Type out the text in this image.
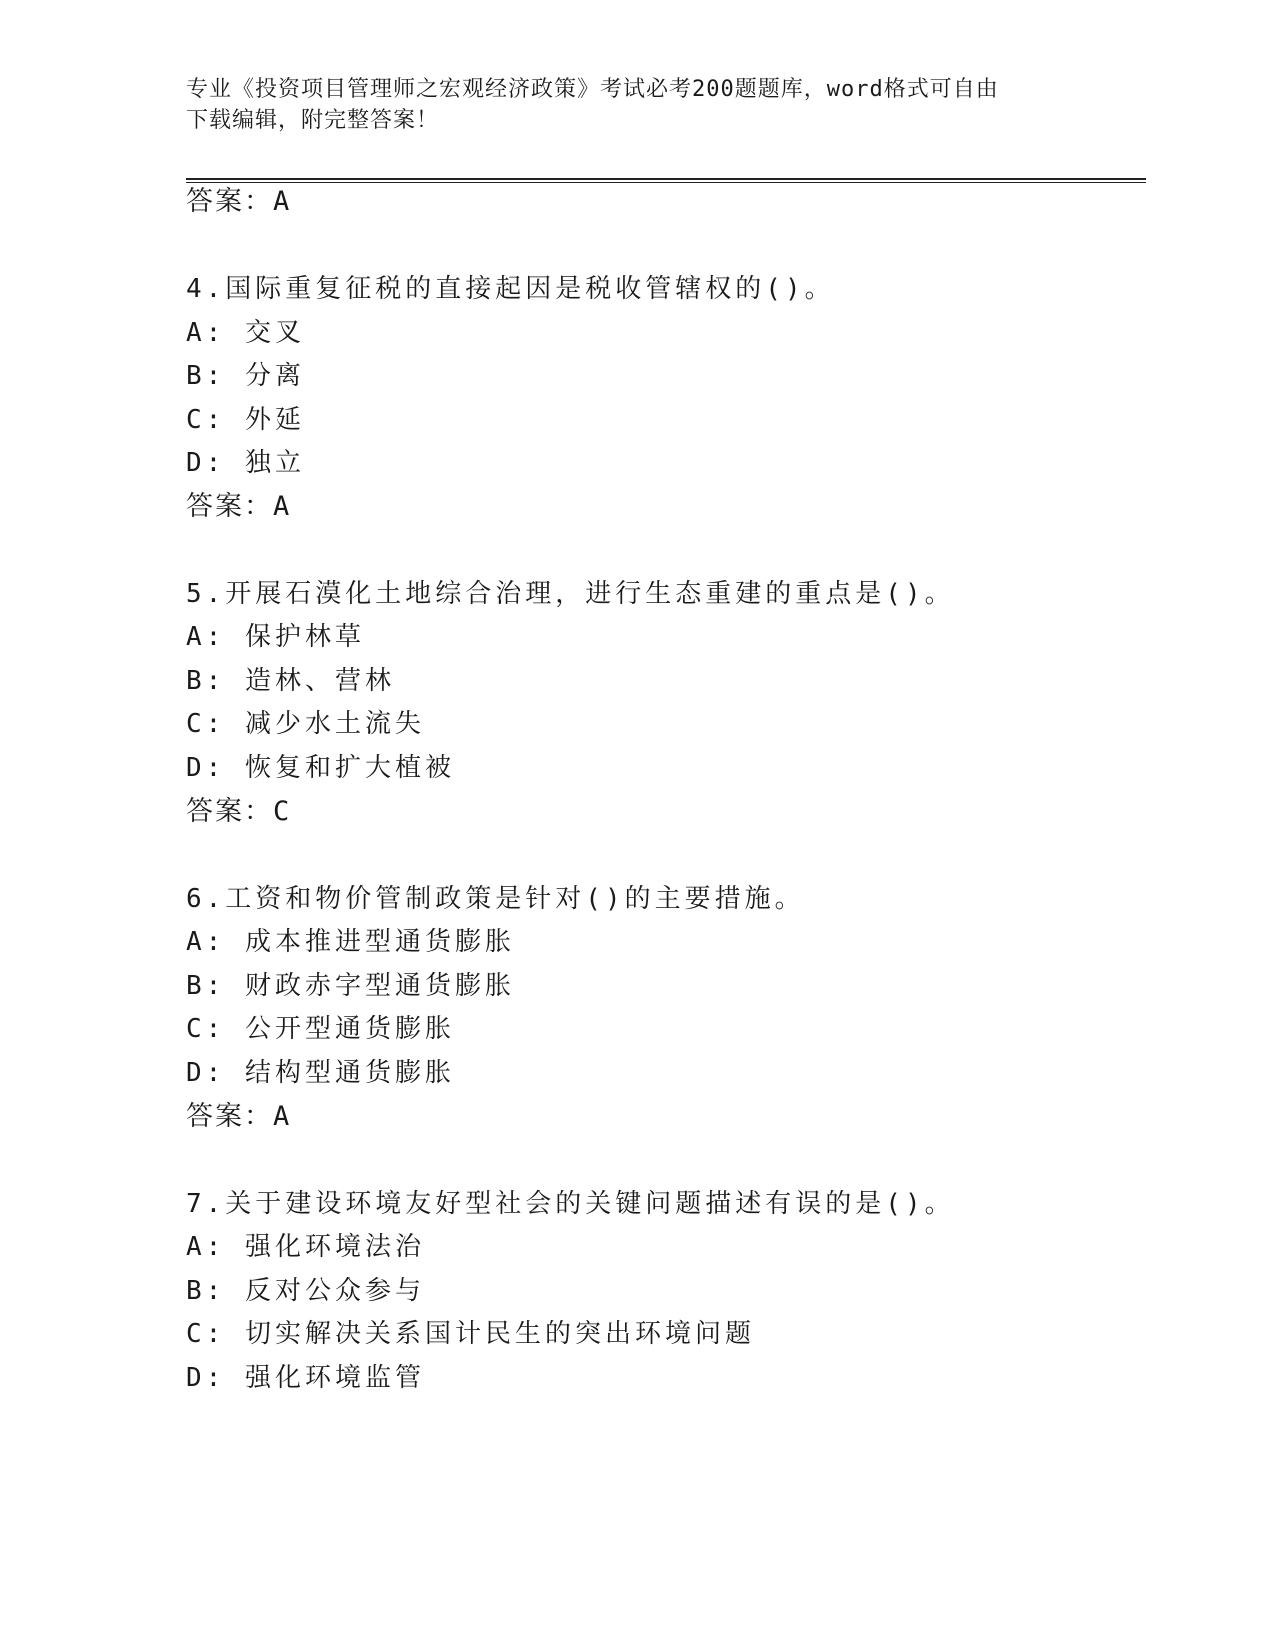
专业《投资项目管理师之宏观经济政策》考试必考200题题库，word格式可自由
下载编辑，附完整答案！
答案：A
4.国际重复征税的直接起因是税收管辖权的()。
A: 交叉
B: 分离
C: 外延
D: 独立
答案：A
5.开展石漠化土地综合治理，进行生态重建的重点是()。
A: 保护林草
B: 造林、营林
C: 减少水土流失
D: 恢复和扩大植被
答案：C
6.工资和物价管制政策是针对()的主要措施。
A: 成本推进型通货膨胀
B: 财政赤字型通货膨胀
C: 公开型通货膨胀
D: 结构型通货膨胀
答案：A
7.关于建设环境友好型社会的关键问题描述有误的是()。
A: 强化环境法治
B: 反对公众参与
C: 切实解决关系国计民生的突出环境问题
D: 强化环境监管
